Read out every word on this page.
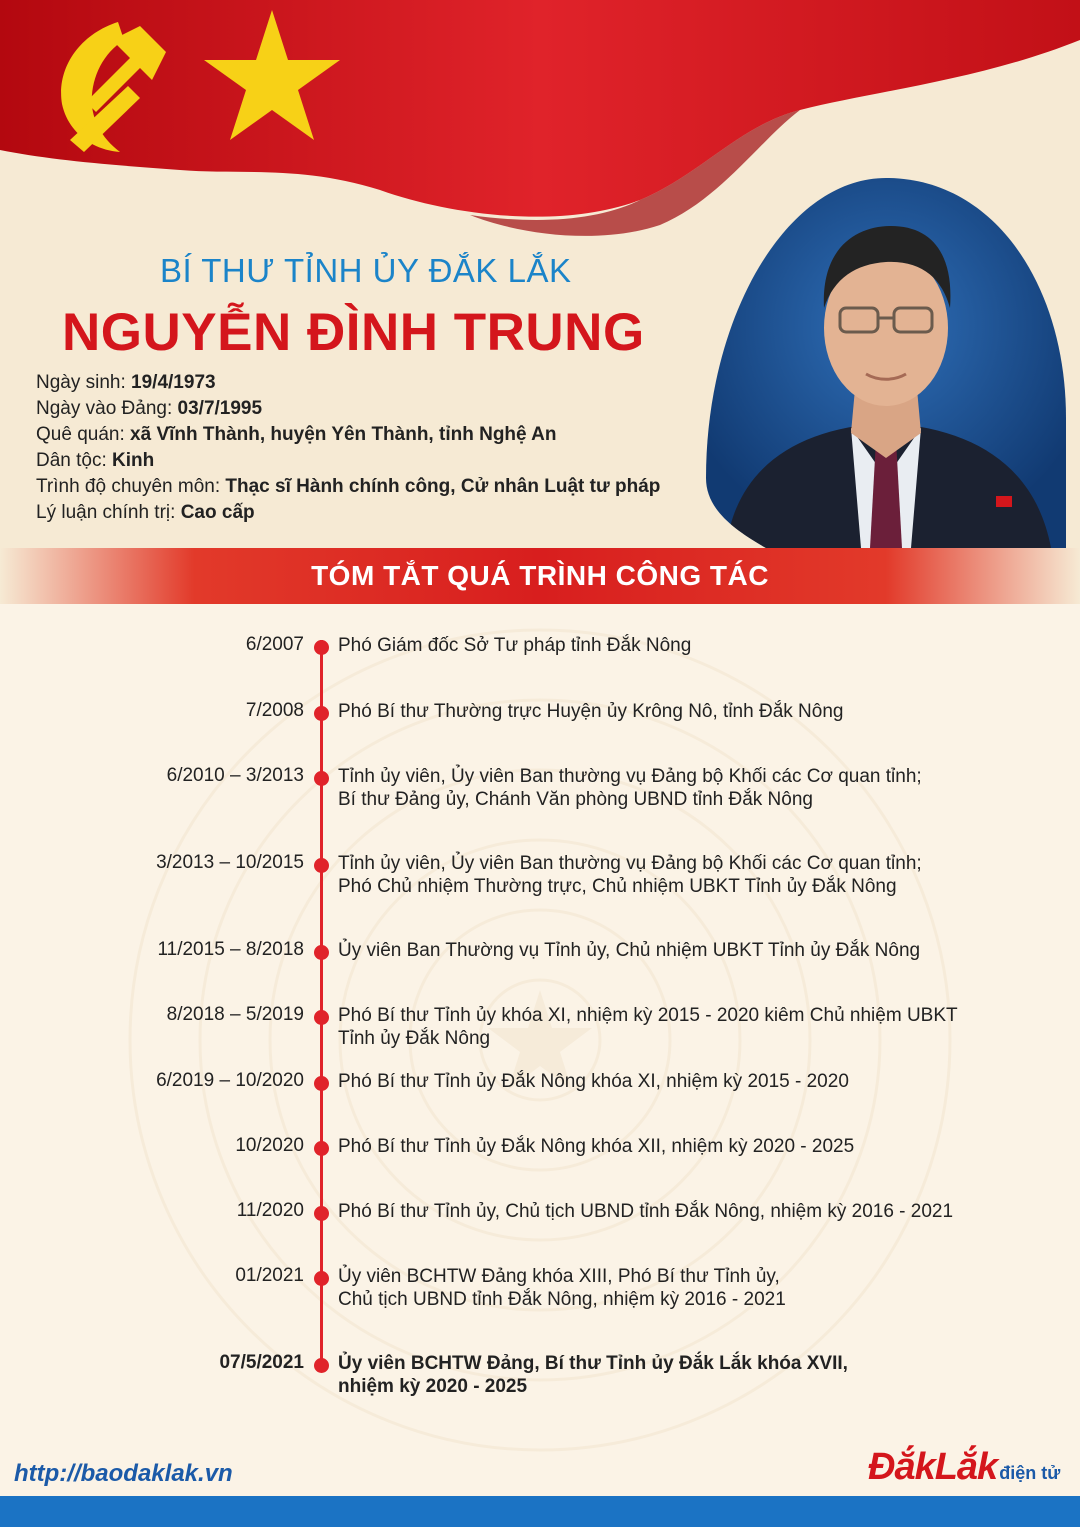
BÍ THƯ TỈNH ỦY ĐẮK LẮK
NGUYỄN ĐÌNH TRUNG
Ngày sinh: 19/4/1973
Ngày vào Đảng: 03/7/1995
Quê quán: xã Vĩnh Thành, huyện Yên Thành, tỉnh Nghệ An
Dân tộc: Kinh
Trình độ chuyên môn: Thạc sĩ Hành chính công, Cử nhân Luật tư pháp
Lý luận chính trị: Cao cấp
TÓM TẮT QUÁ TRÌNH CÔNG TÁC
6/2007 Phó Giám đốc Sở Tư pháp tỉnh Đắk Nông
7/2008 Phó Bí thư Thường trực Huyện ủy Krông Nô, tỉnh Đắk Nông
6/2010 – 3/2013 Tỉnh ủy viên, Ủy viên Ban thường vụ Đảng bộ Khối các Cơ quan tỉnh;
Bí thư Đảng ủy, Chánh Văn phòng UBND tỉnh Đắk Nông
3/2013 – 10/2015 Tỉnh ủy viên, Ủy viên Ban thường vụ Đảng bộ Khối các Cơ quan tỉnh;
Phó Chủ nhiệm Thường trực, Chủ nhiệm UBKT Tỉnh ủy Đắk Nông
11/2015 – 8/2018 Ủy viên Ban Thường vụ Tỉnh ủy, Chủ nhiệm UBKT Tỉnh ủy Đắk Nông
8/2018 – 5/2019 Phó Bí thư Tỉnh ủy khóa XI, nhiệm kỳ 2015 - 2020 kiêm Chủ nhiệm UBKT
Tỉnh ủy Đắk Nông
6/2019 – 10/2020 Phó Bí thư Tỉnh ủy Đắk Nông khóa XI, nhiệm kỳ 2015 - 2020
10/2020 Phó Bí thư Tỉnh ủy Đắk Nông khóa XII, nhiệm kỳ 2020 - 2025
11/2020 Phó Bí thư Tỉnh ủy, Chủ tịch UBND tỉnh Đắk Nông, nhiệm kỳ 2016 - 2021
01/2021 Ủy viên BCHTW Đảng khóa XIII, Phó Bí thư Tỉnh ủy,
Chủ tịch UBND tỉnh Đắk Nông, nhiệm kỳ 2016 - 2021
07/5/2021 Ủy viên BCHTW Đảng, Bí thư Tỉnh ủy Đắk Lắk khóa XVII,
nhiệm kỳ 2020 - 2025
http://baodaklak.vn	ĐắkLắk điện tử
